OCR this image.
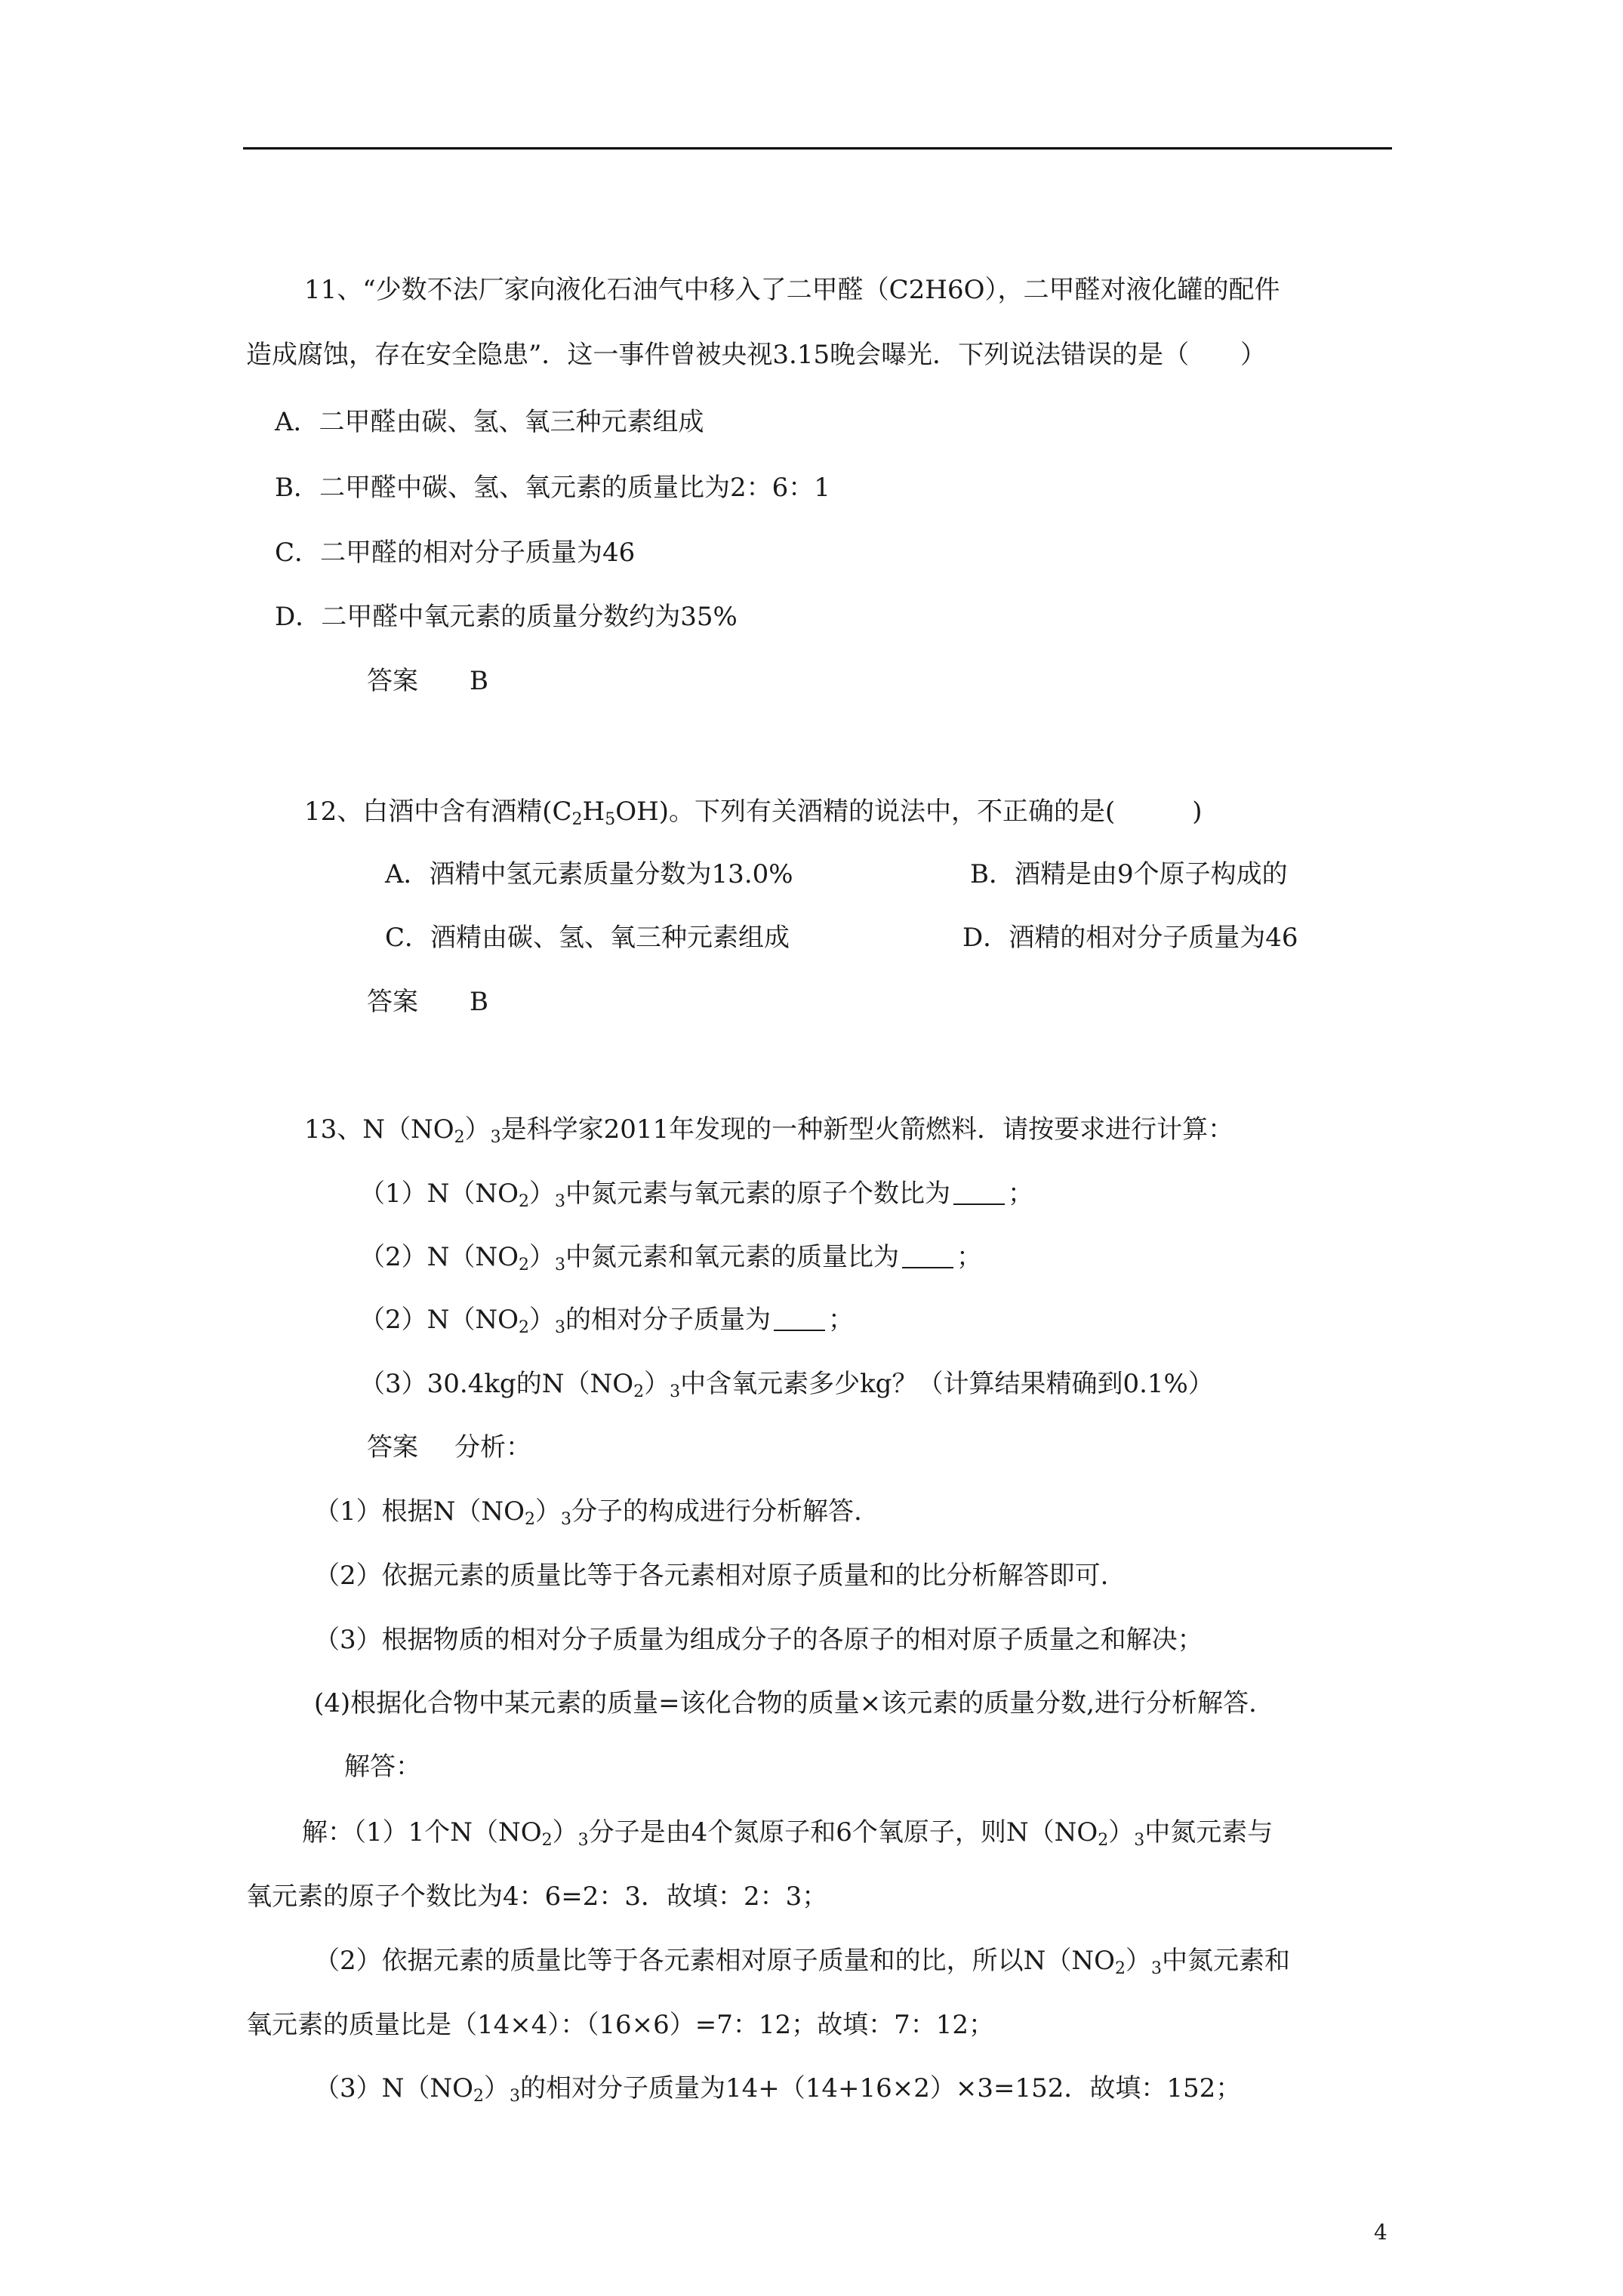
11、“少数不法厂家向液化石油气中移入了二甲醛（C2H6O），二甲醛对液化罐的配件
造成腐蚀，存在安全隐患”．这一事件曾被央视3.15晚会曝光．下列说法错误的是（　　）
A．二甲醛由碳、氢、氧三种元素组成
B．二甲醛中碳、氢、氧元素的质量比为2：6：1
C．二甲醛的相对分子质量为46
D．二甲醛中氧元素的质量分数约为35%
答案 B
12、白酒中含有酒精$(C_2H_5OH)$。下列有关酒精的说法中，不正确的是(　　　)
A．酒精中氢元素质量分数为13.0%	B．酒精是由9个原子构成的
C．酒精由碳、氢、氧三种元素组成	D．酒精的相对分子质量为46
答案 B
13、$N(NO_2)_3$是科学家2011年发现的一种新型火箭燃料．请按要求进行计算：
$(1)N(NO_2)_3$中氮元素与氧元素的原子个数比为 ；
$(2)N(NO_2)_3$中氮元素和氧元素的质量比为 ；
$(2)N(NO_2)_3$的相对分子质量为 ；
（3）30.4kg的$N(NO_2)_3$中含氧元素多少kg？（计算结果精确到0.1%）
答案 分析：
（1）根据$N(NO_2)_3$分子的构成进行分析解答.
（2）依据元素的质量比等于各元素相对原子质量和的比分析解答即可.
（3）根据物质的相对分子质量为组成分子的各原子的相对原子质量之和解决；
(4)根据化合物中某元素的质量=该化合物的质量×该元素的质量分数,进行分析解答.
解答：
解：（1）1个$N(NO_2)_3$分子是由4个氮原子和6个氧原子，则$N(NO_2)_3$中氮元素与
氧元素的原子个数比为4：6=2：3．故填：2：3；
（2）依据元素的质量比等于各元素相对原子质量和的比，所以$N(NO_2)_3$中氮元素和
氧元素的质量比是（14×4）：（16×6）=7：12；故填：7：12；
$(3)N(NO_2)_3$的相对分子质量为14+（14+16×2）×3=152．故填：152；
4
